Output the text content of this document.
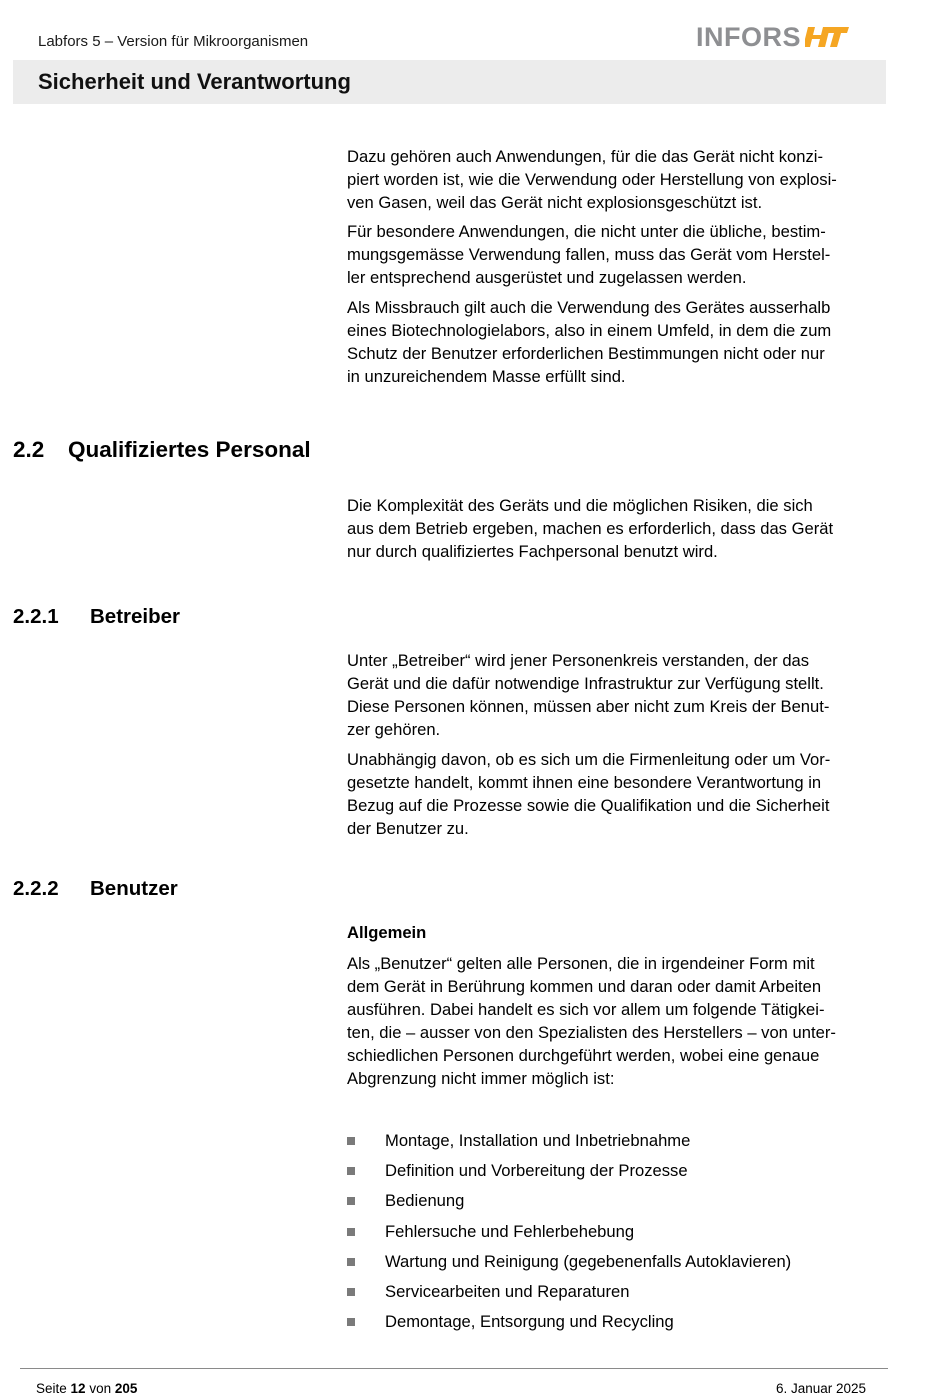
Labfors 5 – Version für Mikroorganismen	INFORS
Sicherheit und Verantwortung

Dazu gehören auch Anwendungen, für die das Gerät nicht konzi-
piert worden ist, wie die Verwendung oder Herstellung von explosi-
ven Gasen, weil das Gerät nicht explosionsgeschützt ist.

Für besondere Anwendungen, die nicht unter die übliche, bestim-
mungsgemässe Verwendung fallen, muss das Gerät vom Herstel-
ler entsprechend ausgerüstet und zugelassen werden.

Als Missbrauch gilt auch die Verwendung des Gerätes ausserhalb
eines Biotechnologielabors, also in einem Umfeld, in dem die zum
Schutz der Benutzer erforderlichen Bestimmungen nicht oder nur
in unzureichendem Masse erfüllt sind.

2.2 Qualifiziertes Personal

Die Komplexität des Geräts und die möglichen Risiken, die sich
aus dem Betrieb ergeben, machen es erforderlich, dass das Gerät
nur durch qualifiziertes Fachpersonal benutzt wird.

2.2.1 Betreiber

Unter „Betreiber“ wird jener Personenkreis verstanden, der das
Gerät und die dafür notwendige Infrastruktur zur Verfügung stellt.
Diese Personen können, müssen aber nicht zum Kreis der Benut-
zer gehören.

Unabhängig davon, ob es sich um die Firmenleitung oder um Vor-
gesetzte handelt, kommt ihnen eine besondere Verantwortung in
Bezug auf die Prozesse sowie die Qualifikation und die Sicherheit
der Benutzer zu.

2.2.2 Benutzer
Allgemein

Als „Benutzer“ gelten alle Personen, die in irgendeiner Form mit
dem Gerät in Berührung kommen und daran oder damit Arbeiten
ausführen. Dabei handelt es sich vor allem um folgende Tätigkei-
ten, die – ausser von den Spezialisten des Herstellers – von unter-
schiedlichen Personen durchgeführt werden, wobei eine genaue
Abgrenzung nicht immer möglich ist:

Montage, Installation und Inbetriebnahme
Definition und Vorbereitung der Prozesse
Bedienung
Fehlersuche und Fehlerbehebung
Wartung und Reinigung (gegebenenfalls Autoklavieren)
Servicearbeiten und Reparaturen
Demontage, Entsorgung und Recycling
Seite 12 von 205	6. Januar 2025
